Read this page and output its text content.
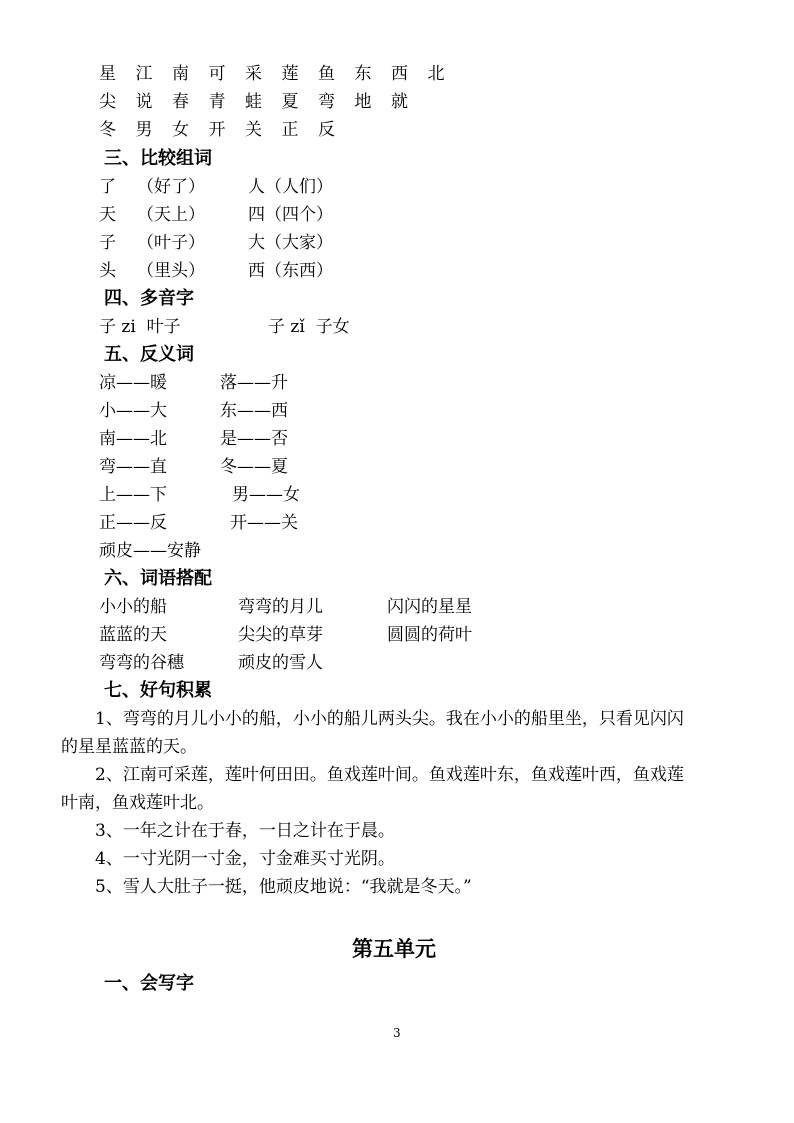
星 江 南 可 采 莲 鱼 东 西 北
尖 说 春 青 蛙 夏 弯 地 就
冬 男 女 开 关 正 反
三、比较组词
了 （好了）	人（人们）
天 （天上）	四（四个）
子 （叶子）	大（大家）
头 （里头）	西（东西）
四、多音字
子 zi  叶子	子 zǐ  子女
五、反义词
凉——暖	落——升
小——大	东——西
南——北	是——否
弯——直	冬——夏
上——下	男——女
正——反	开——关
顽皮——安静
六、词语搭配
小小的船	弯弯的月儿	闪闪的星星
蓝蓝的天	尖尖的草芽	圆圆的荷叶
弯弯的谷穗	顽皮的雪人
七、好句积累
1、弯弯的月儿小小的船，小小的船儿两头尖。我在小小的船里坐，只看见闪闪
的星星蓝蓝的天。
2、江南可采莲，莲叶何田田。鱼戏莲叶间。鱼戏莲叶东，鱼戏莲叶西，鱼戏莲
叶南，鱼戏莲叶北。
3、一年之计在于春，一日之计在于晨。
4、一寸光阴一寸金，寸金难买寸光阴。
5、雪人大肚子一挺，他顽皮地说：“我就是冬天。”
第五单元
一、会写字
3
